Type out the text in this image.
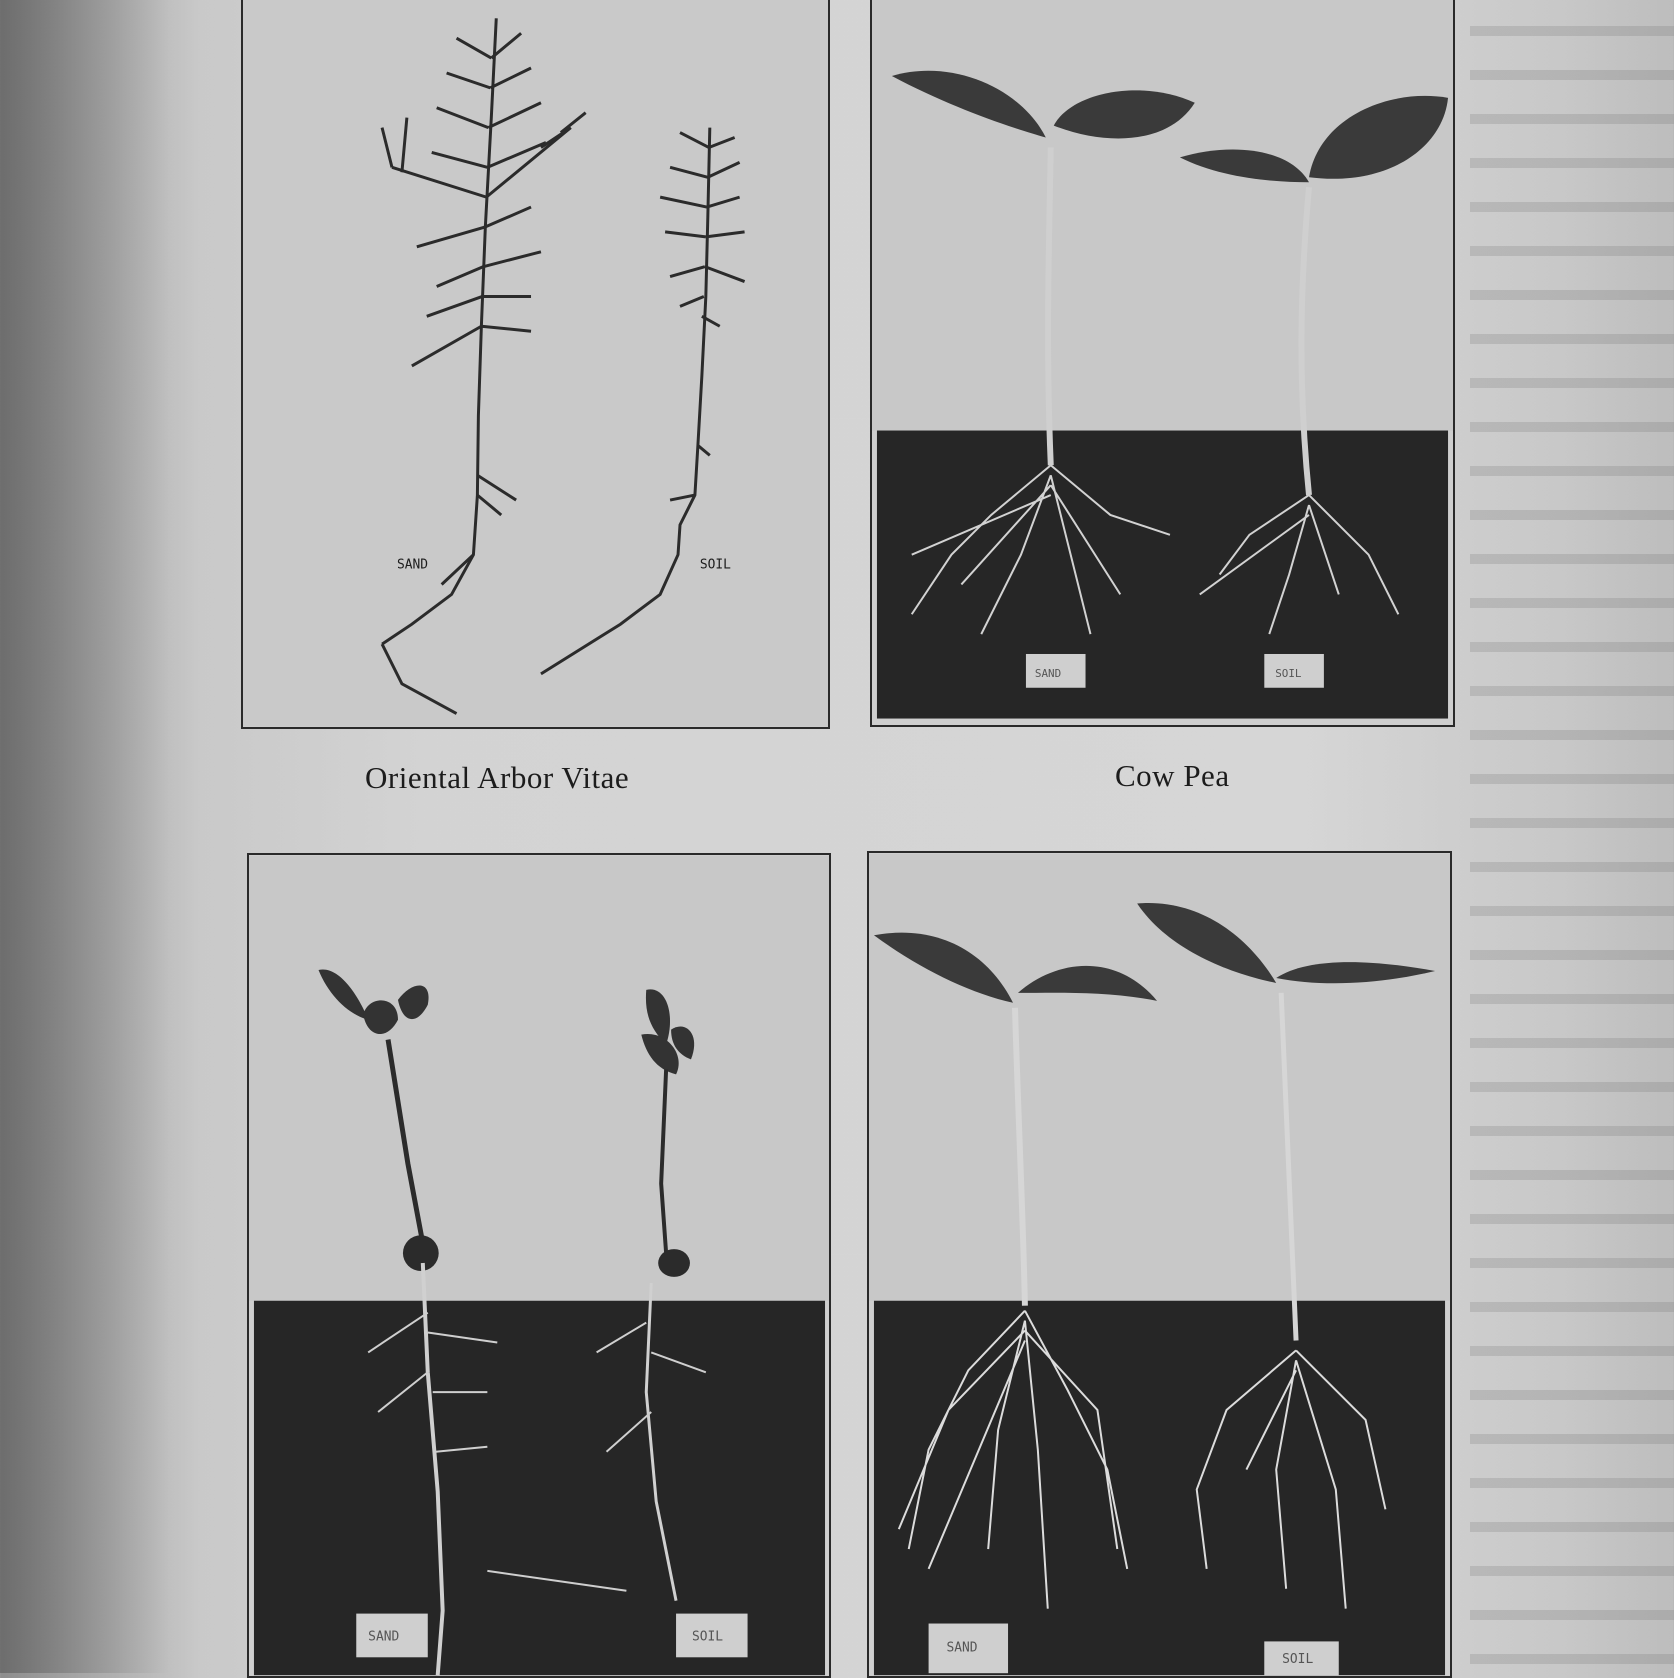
SAND	SOIL
SAND	SOIL
Oriental Arbor Vitae	Cow Pea
SAND	SOIL
SAND
SOIL
